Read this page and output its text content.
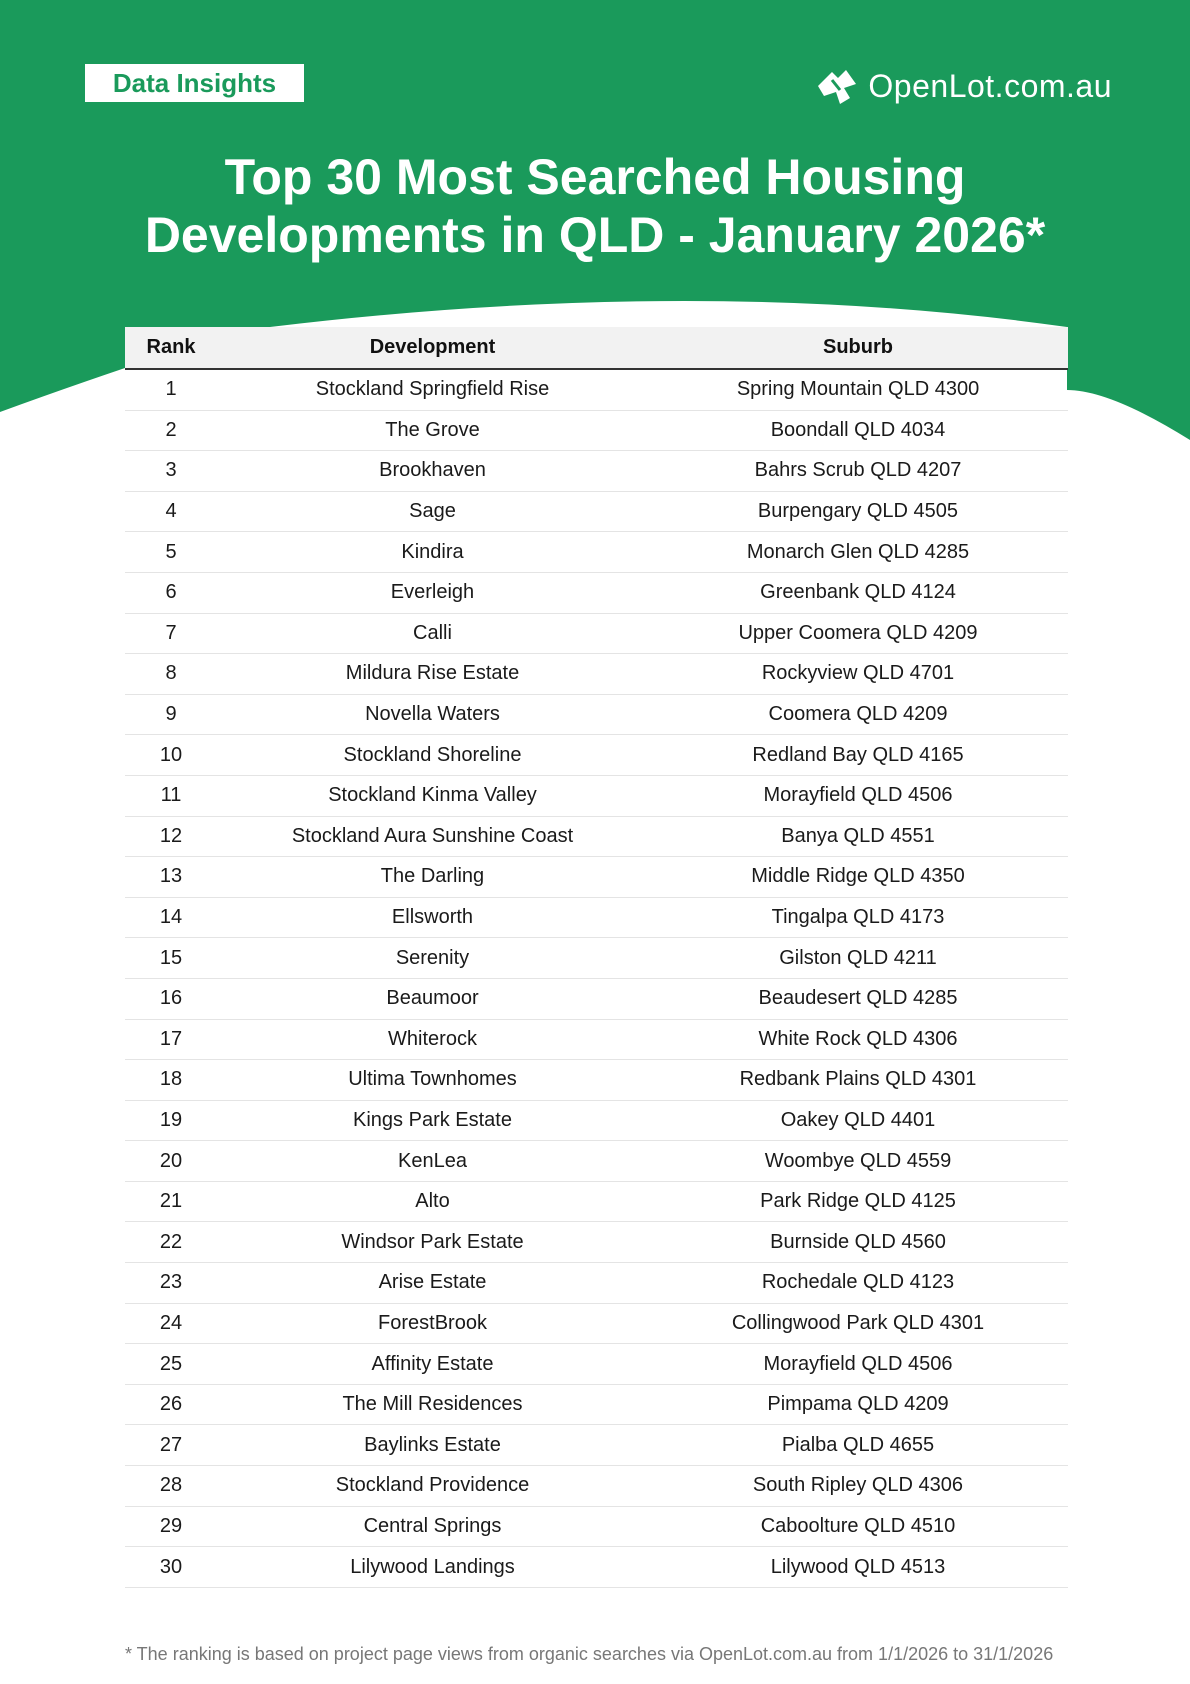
Data Insights	OpenLot.com.au
Top 30 Most Searched Housing
Developments in QLD - January 2026*
Rank	Development	Suburb
1	Stockland Springfield Rise	Spring Mountain QLD 4300
2	The Grove	Boondall QLD 4034
3	Brookhaven	Bahrs Scrub QLD 4207
4	Sage	Burpengary QLD 4505
5	Kindira	Monarch Glen QLD 4285
6	Everleigh	Greenbank QLD 4124
7	Calli	Upper Coomera QLD 4209
8	Mildura Rise Estate	Rockyview QLD 4701
9	Novella Waters	Coomera QLD 4209
10	Stockland Shoreline	Redland Bay QLD 4165
11	Stockland Kinma Valley	Morayfield QLD 4506
12	Stockland Aura Sunshine Coast	Banya QLD 4551
13	The Darling	Middle Ridge QLD 4350
14	Ellsworth	Tingalpa QLD 4173
15	Serenity	Gilston QLD 4211
16	Beaumoor	Beaudesert QLD 4285
17	Whiterock	White Rock QLD 4306
18	Ultima Townhomes	Redbank Plains QLD 4301
19	Kings Park Estate	Oakey QLD 4401
20	KenLea	Woombye QLD 4559
21	Alto	Park Ridge QLD 4125
22	Windsor Park Estate	Burnside QLD 4560
23	Arise Estate	Rochedale QLD 4123
24	ForestBrook	Collingwood Park QLD 4301
25	Affinity Estate	Morayfield QLD 4506
26	The Mill Residences	Pimpama QLD 4209
27	Baylinks Estate	Pialba QLD 4655
28	Stockland Providence	South Ripley QLD 4306
29	Central Springs	Caboolture QLD 4510
30	Lilywood Landings	Lilywood QLD 4513
* The ranking is based on project page views from organic searches via OpenLot.com.au from 1/1/2026 to 31/1/2026
